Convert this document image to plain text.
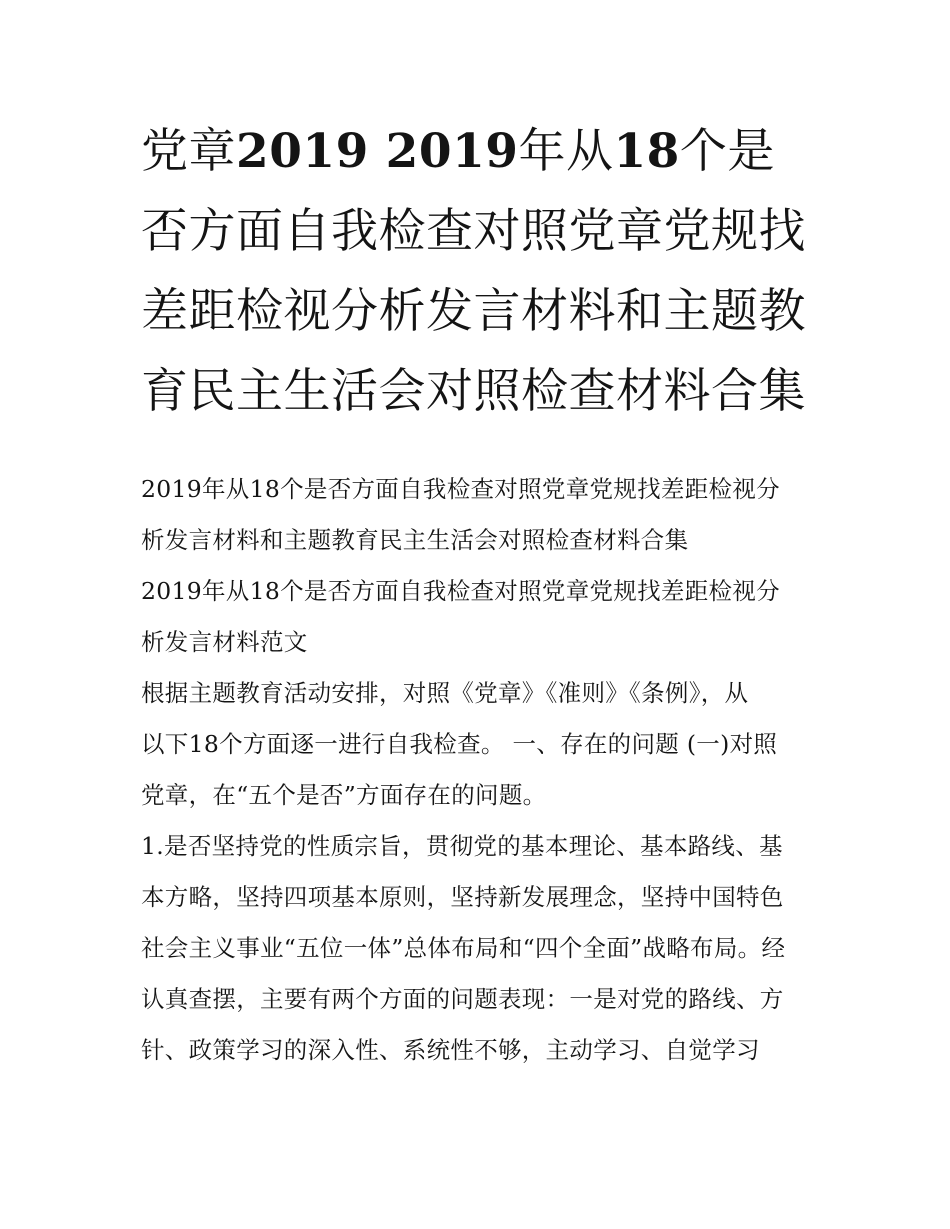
党章2019 2019年从18个是否方面自我检查对照党章党规找差距检视分析发言材料和主题教育民主生活会对照检查材料合集
2019年从18个是否方面自我检查对照党章党规找差距检视分
析发言材料和主题教育民主生活会对照检查材料合集
2019年从18个是否方面自我检查对照党章党规找差距检视分
析发言材料范文
根据主题教育活动安排，对照《党章》《准则》《条例》，从
以下18个方面逐一进行自我检查。 一、存在的问题 (一)对照
党章，在“五个是否”方面存在的问题。
1.是否坚持党的性质宗旨，贯彻党的基本理论、基本路线、基
本方略，坚持四项基本原则，坚持新发展理念，坚持中国特色
社会主义事业“五位一体”总体布局和“四个全面”战略布局。经
认真查摆，主要有两个方面的问题表现：一是对党的路线、方
针、政策学习的深入性、系统性不够，主动学习、自觉学习
